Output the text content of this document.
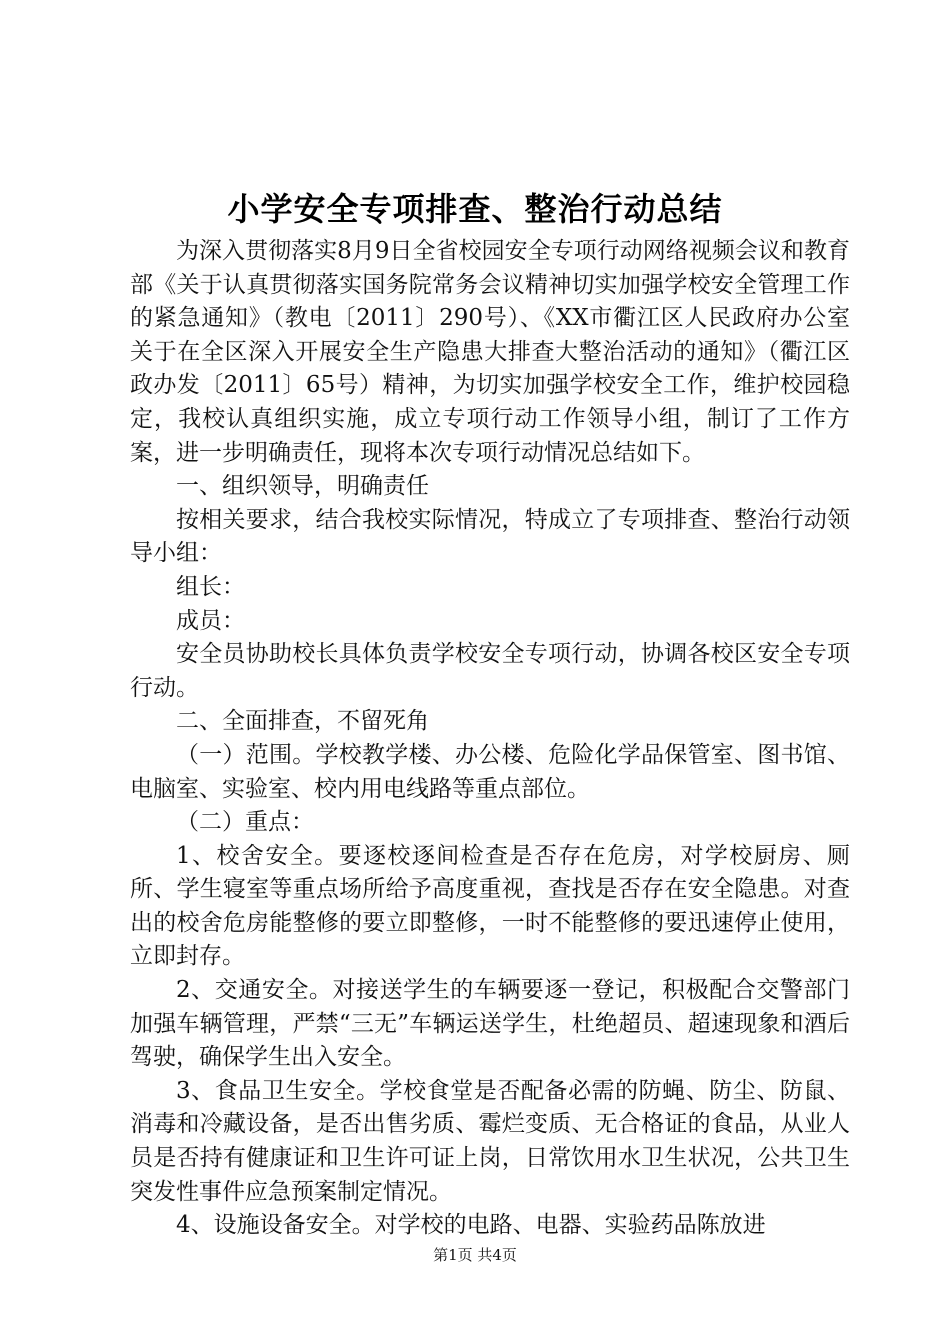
小学安全专项排查、整治行动总结

为深入贯彻落实8月9日全省校园安全专项行动网络视频会议和教育部《关于认真贯彻落实国务院常务会议精神切实加强学校安全管理工作的紧急通知》（教电〔2011〕290号）、《XX市衢江区人民政府办公室关于在全区深入开展安全生产隐患大排查大整治活动的通知》（衢江区政办发〔2011〕65号）精神，为切实加强学校安全工作，维护校园稳定，我校认真组织实施，成立专项行动工作领导小组，制订了工作方案，进一步明确责任，现将本次专项行动情况总结如下。

一、组织领导，明确责任

按相关要求，结合我校实际情况，特成立了专项排查、整治行动领导小组：

组长：

成员：

安全员协助校长具体负责学校安全专项行动，协调各校区安全专项行动。

二、全面排查，不留死角

（一）范围。学校教学楼、办公楼、危险化学品保管室、图书馆、电脑室、实验室、校内用电线路等重点部位。

（二）重点：

1、校舍安全。要逐校逐间检查是否存在危房，对学校厨房、厕所、学生寝室等重点场所给予高度重视，查找是否存在安全隐患。对查出的校舍危房能整修的要立即整修，一时不能整修的要迅速停止使用，立即封存。

2、交通安全。对接送学生的车辆要逐一登记，积极配合交警部门加强车辆管理，严禁“三无”车辆运送学生，杜绝超员、超速现象和酒后驾驶，确保学生出入安全。

3、食品卫生安全。学校食堂是否配备必需的防蝇、防尘、防鼠、消毒和冷藏设备，是否出售劣质、霉烂变质、无合格证的食品，从业人员是否持有健康证和卫生许可证上岗，日常饮用水卫生状况，公共卫生突发性事件应急预案制定情况。

4、设施设备安全。对学校的电路、电器、实验药品陈放进

第1页 共4页
